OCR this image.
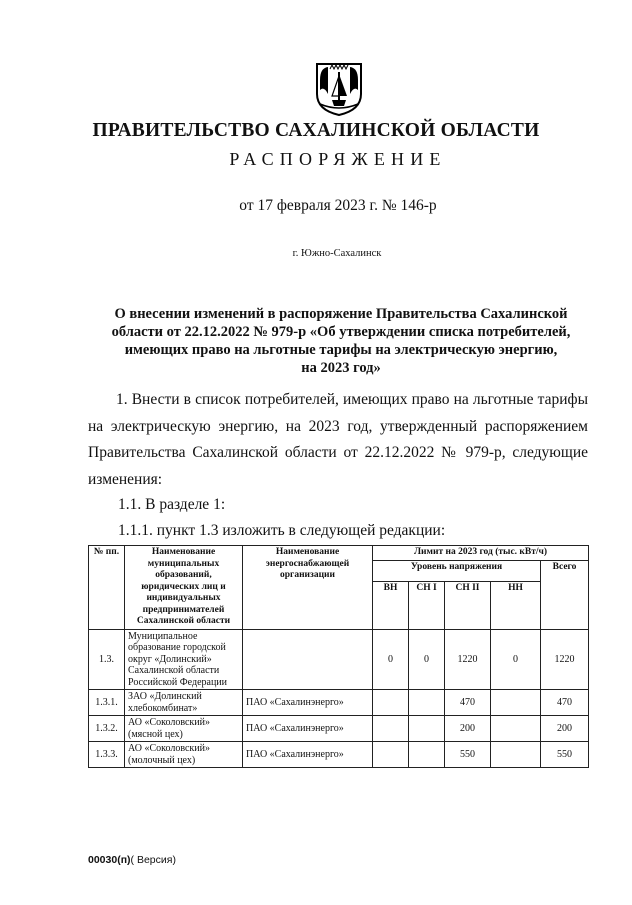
ПРАВИТЕЛЬСТВО САХАЛИНСКОЙ ОБЛАСТИ
РАСПОРЯЖЕНИЕ
от 17 февраля 2023 г. № 146-р
г. Южно-Сахалинск
О внесении изменений в распоряжение Правительства Сахалинской
области от 22.12.2022 № 979-р «Об утверждении списка потребителей,
имеющих право на льготные тарифы на электрическую энергию,
на 2023 год»
1. Внести в список потребителей, имеющих право на льготные тарифы
на электрическую энергию, на 2023 год, утвержденный распоряжением
Правительства Сахалинской области от 22.12.2022 № 979-р, следующие
изменения:
1.1. В разделе 1:
1.1.1. пункт 1.3 изложить в следующей редакции:
№ пп.	Наименование муниципальных образований, юридических лиц и индивидуальных предпринимателей Сахалинской области	Наименование энергоснабжающей организации	Лимит на 2023 год (тыс. кВт/ч)				
			Уровень напряжения				Всего
			ВН	СН I	СН II	НН	
1.3.	Муниципальное образование городской округ «Долинский» Сахалинской области Российской Федерации		0	0	1220	0	1220
1.3.1.	ЗАО «Долинский хлебокомбинат»	ПАО «Сахалинэнерго»			470		470
1.3.2.	АО «Соколовский» (мясной цех)	ПАО «Сахалинэнерго»			200		200
1.3.3.	АО «Соколовский» (молочный цех)	ПАО «Сахалинэнерго»			550		550
00030(п)( Версия)
